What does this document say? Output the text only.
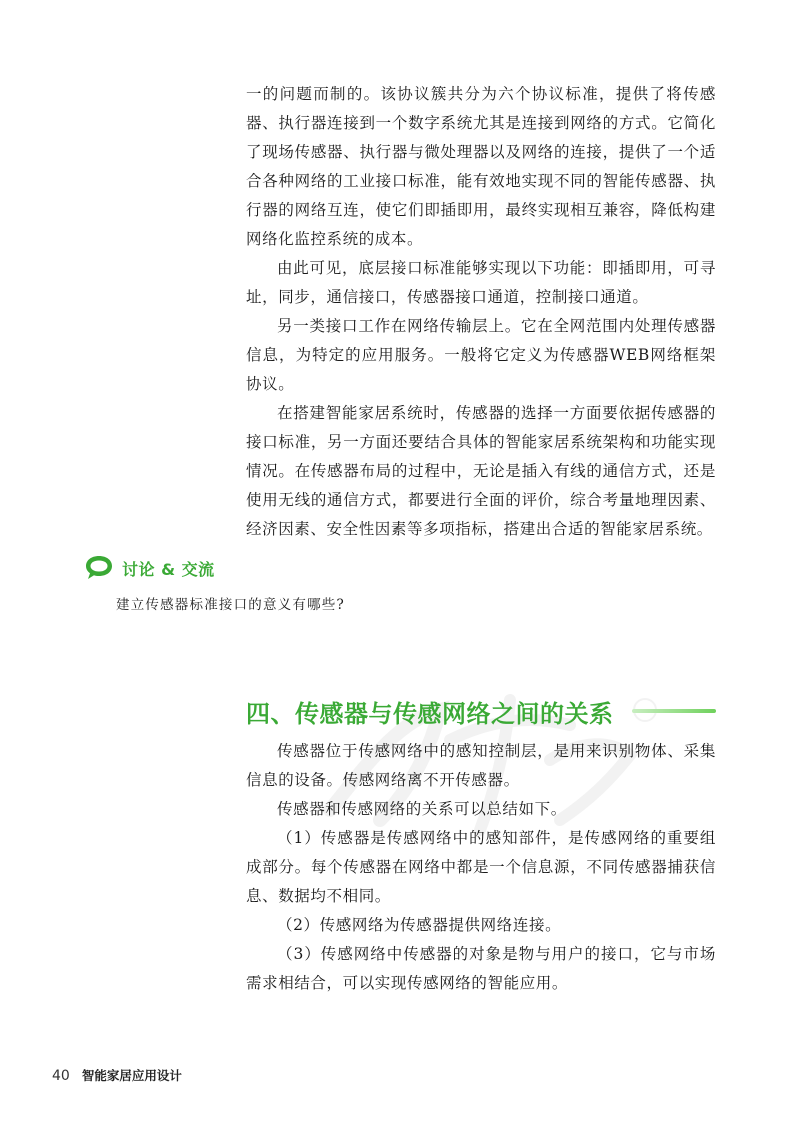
一的问题而制的。该协议簇共分为六个协议标准，提供了将传感器、执行器连接到一个数字系统尤其是连接到网络的方式。它简化了现场传感器、执行器与微处理器以及网络的连接，提供了一个适合各种网络的工业接口标准，能有效地实现不同的智能传感器、执行器的网络互连，使它们即插即用，最终实现相互兼容，降低构建网络化监控系统的成本。

由此可见，底层接口标准能够实现以下功能：即插即用，可寻址，同步，通信接口，传感器接口通道，控制接口通道。

另一类接口工作在网络传输层上。它在全网范围内处理传感器信息，为特定的应用服务。一般将它定义为传感器WEB网络框架协议。

在搭建智能家居系统时，传感器的选择一方面要依据传感器的接口标准，另一方面还要结合具体的智能家居系统架构和功能实现情况。在传感器布局的过程中，无论是插入有线的通信方式，还是使用无线的通信方式，都要进行全面的评价，综合考量地理因素、经济因素、安全性因素等多项指标，搭建出合适的智能家居系统。

讨论 & 交流
建立传感器标准接口的意义有哪些?
四、传感器与传感网络之间的关系

传感器位于传感网络中的感知控制层，是用来识别物体、采集信息的设备。传感网络离不开传感器。

传感器和传感网络的关系可以总结如下。

（1）传感器是传感网络中的感知部件，是传感网络的重要组成部分。每个传感器在网络中都是一个信息源，不同传感器捕获信息、数据均不相同。

（2）传感网络为传感器提供网络连接。

（3）传感网络中传感器的对象是物与用户的接口，它与市场需求相结合，可以实现传感网络的智能应用。

40 智能家居应用设计
